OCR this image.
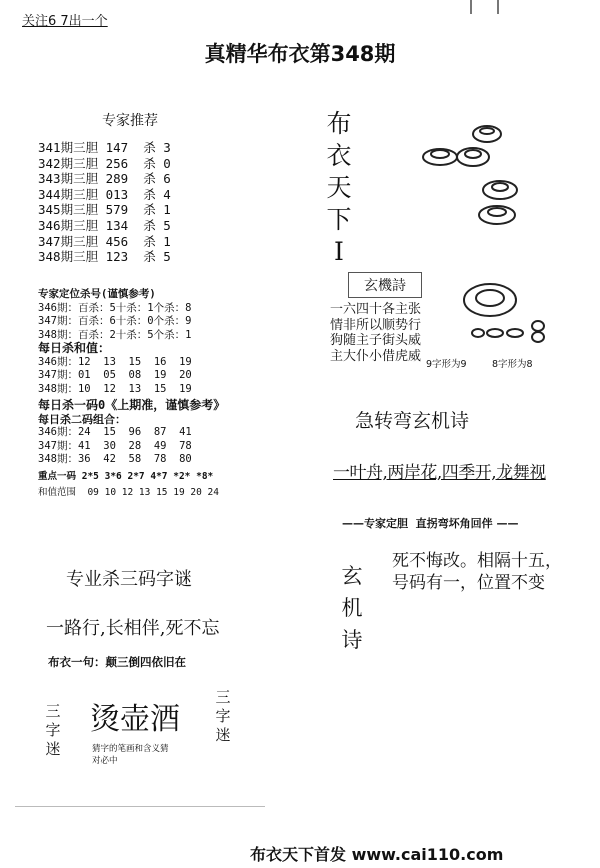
关注6 7出一个
真精华布衣第348期
专家推荐
341期三胆 147 杀 3
342期三胆 256 杀 0
343期三胆 289 杀 6
344期三胆 013 杀 4
345期三胆 579 杀 1
346期三胆 134 杀 5
347期三胆 456 杀 1
348期三胆 123 杀 5
专家定位杀号(谨慎参考)
346期：百杀：5十杀：1个杀：8
347期：百杀：6十杀：0个杀：9
348期：百杀：2十杀：5个杀：1
每日杀和值：
346期：12  13  15  16  19
347期：01  05  08  19  20
348期：10  12  13  15  19
每日杀一码0《上期准，谨慎参考》
每日杀二码组合：
346期：24  15  96  87  41
347期：41  30  28  49  78
348期：36  42  58  78  80
重点一码 2*5 3*6 2*7 4*7 *2* *8*
和值范围  09 10 12 13 15 19 20 24
布
衣
天
下
I
玄機詩
一六四十各主张
情非所以顺势行
狗随主子街头威
主大仆小借虎威
9字形为9	8字形为8
急转弯玄机诗
一叶舟,两岸花,四季开,龙舞视
——专家定胆  直拐弯坏角回伴 ——
玄
机
诗
死不悔改。相隔十五，
号码有一，位置不变
专业杀三码字谜
一路行,长相伴,死不忘
布衣一句：颠三倒四依旧在
三
字
迷
三
字
迷
烫壶酒
猜字的笔画和含义猜
对必中
布衣天下首发 www.cai110.com
